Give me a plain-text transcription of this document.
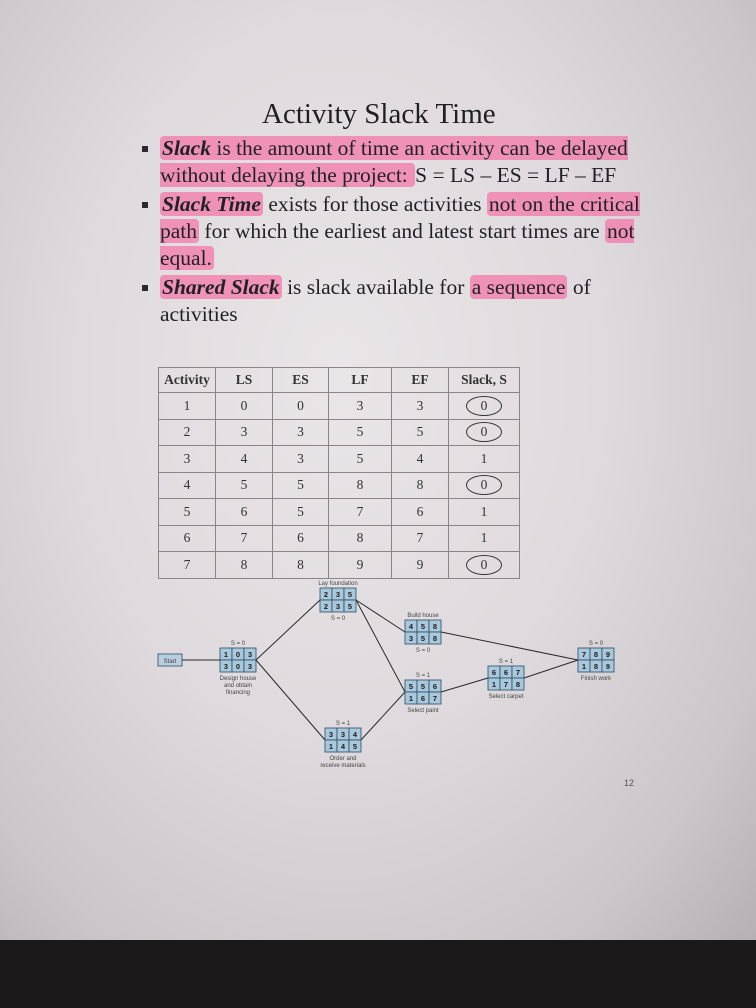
Activity Slack Time
Slack is the amount of time an activity can be delayed without delaying the project: S = LS – ES = LF – EF
Slack Time exists for those activities not on the critical path for which the earliest and latest start times are not equal.
Shared Slack is slack available for a sequence of activities
Activity	LS	ES	LF	EF	Slack, S
1	0	0	3	3	0
2	3	3	5	5	0
3	4	3	5	4	1
4	5	5	8	8	0
5	6	5	7	6	1
6	7	6	8	7	1
7	8	8	9	9	0
Start
S = 0
1 0 3
3 0 3
Design house
and obtain
financing
Lay foundation
2 3 5
2 3 5
S = 0	Build house
4 5 8
3 5 8
S = 0
S = 1
3 3 4
1 4 5
Order and
receive materials
S = 1
5 5 6
1 6 7
Select paint
S = 1
6 6 7
1 7 8
Select carpet
S = 0
7 8 9
1 8 9
Finish work
12
